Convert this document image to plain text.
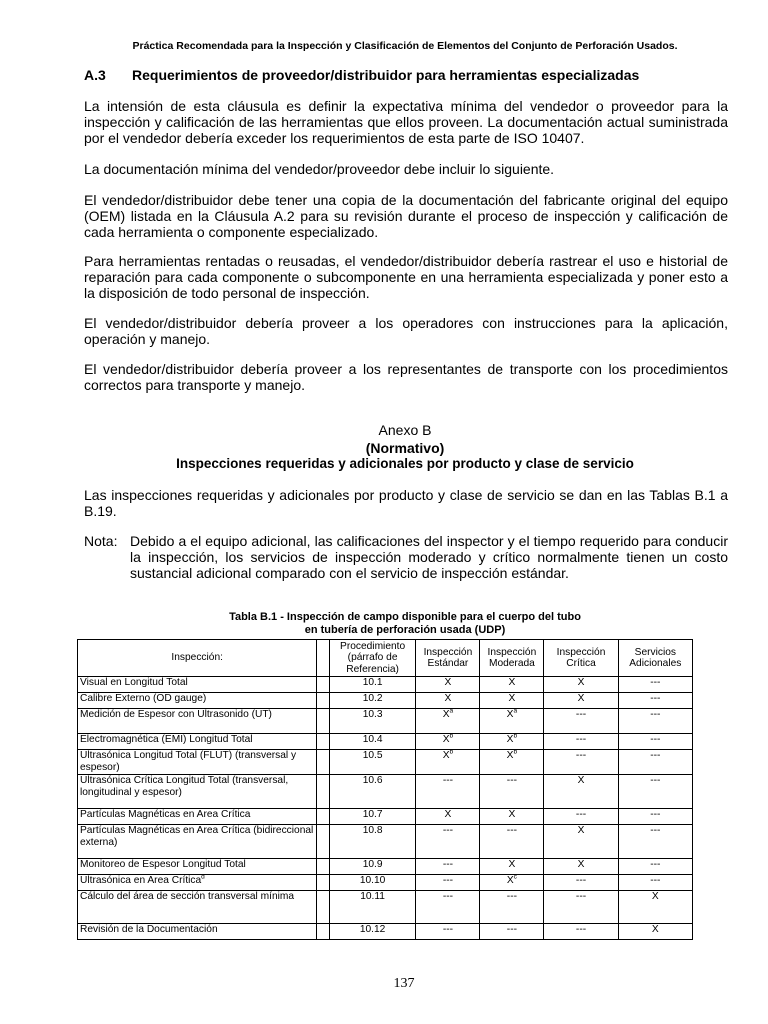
Práctica Recomendada para la Inspección y Clasificación de Elementos del Conjunto de Perforación Usados.
A.3 Requerimientos de proveedor/distribuidor para herramientas especializadas

La intensión de esta cláusula es definir la expectativa mínima del vendedor o proveedor para la inspección y calificación de las herramientas que ellos proveen. La documentación actual suministrada por el vendedor debería exceder los requerimientos de esta parte de ISO 10407.

La documentación mínima del vendedor/proveedor debe incluir lo siguiente.

El vendedor/distribuidor debe tener una copia de la documentación del fabricante original del equipo (OEM) listada en la Cláusula A.2 para su revisión durante el proceso de inspección y calificación de cada herramienta o componente especializado.

Para herramientas rentadas o reusadas, el vendedor/distribuidor debería rastrear el uso e historial de reparación para cada componente o subcomponente en una herramienta especializada y poner esto a la disposición de todo personal de inspección.

El vendedor/distribuidor debería proveer a los operadores con instrucciones para la aplicación, operación y manejo.

El vendedor/distribuidor debería proveer a los representantes de transporte con los procedimientos correctos para transporte y manejo.

Anexo B
(Normativo)
Inspecciones requeridas y adicionales por producto y clase de servicio

Las inspecciones requeridas y adicionales por producto y clase de servicio se dan en las Tablas B.1 a B.19.

Nota: Debido a el equipo adicional, las calificaciones del inspector y el tiempo requerido para conducir la inspección, los servicios de inspección moderado y crítico normalmente tienen un costo sustancial adicional comparado con el servicio de inspección estándar.
Tabla B.1 - Inspección de campo disponible para el cuerpo del tubo
en tubería de perforación usada (UDP)
Inspección:		Procedimiento (párrafo de Referencia)	Inspección Estándar	Inspección Moderada	Inspección Crítica	Servicios Adicionales
Visual en Longitud Total		10.1	X	X	X	---
Calibre Externo (OD gauge)		10.2	X	X	X	---
Medición de Espesor con Ultrasonido (UT)		10.3	$X^a$	$X^a$	---	---
Electromagnética (EMI) Longitud Total		10.4	$X^b$	$X^b$	---	---
Ultrasónica Longitud Total (FLUT) (transversal y espesor)		10.5	$X^b$	$X^b$	---	---
Ultrasónica Crítica Longitud Total (transversal, longitudinal y espesor)		10.6	---	---	X	---
Partículas Magnéticas en Area Crítica		10.7	X	X	---	---
Partículas Magnéticas en Area Crítica (bidireccional externa)		10.8	---	---	X	---
Monitoreo de Espesor Longitud Total		10.9	---	X	X	---
Ultrasónica en Area Crítica$^d$		10.10	---	$X^c$	---	---
Cálculo del área de sección transversal mínima		10.11	---	---	---	X
Revisión de la Documentación		10.12	---	---	---	X
137
